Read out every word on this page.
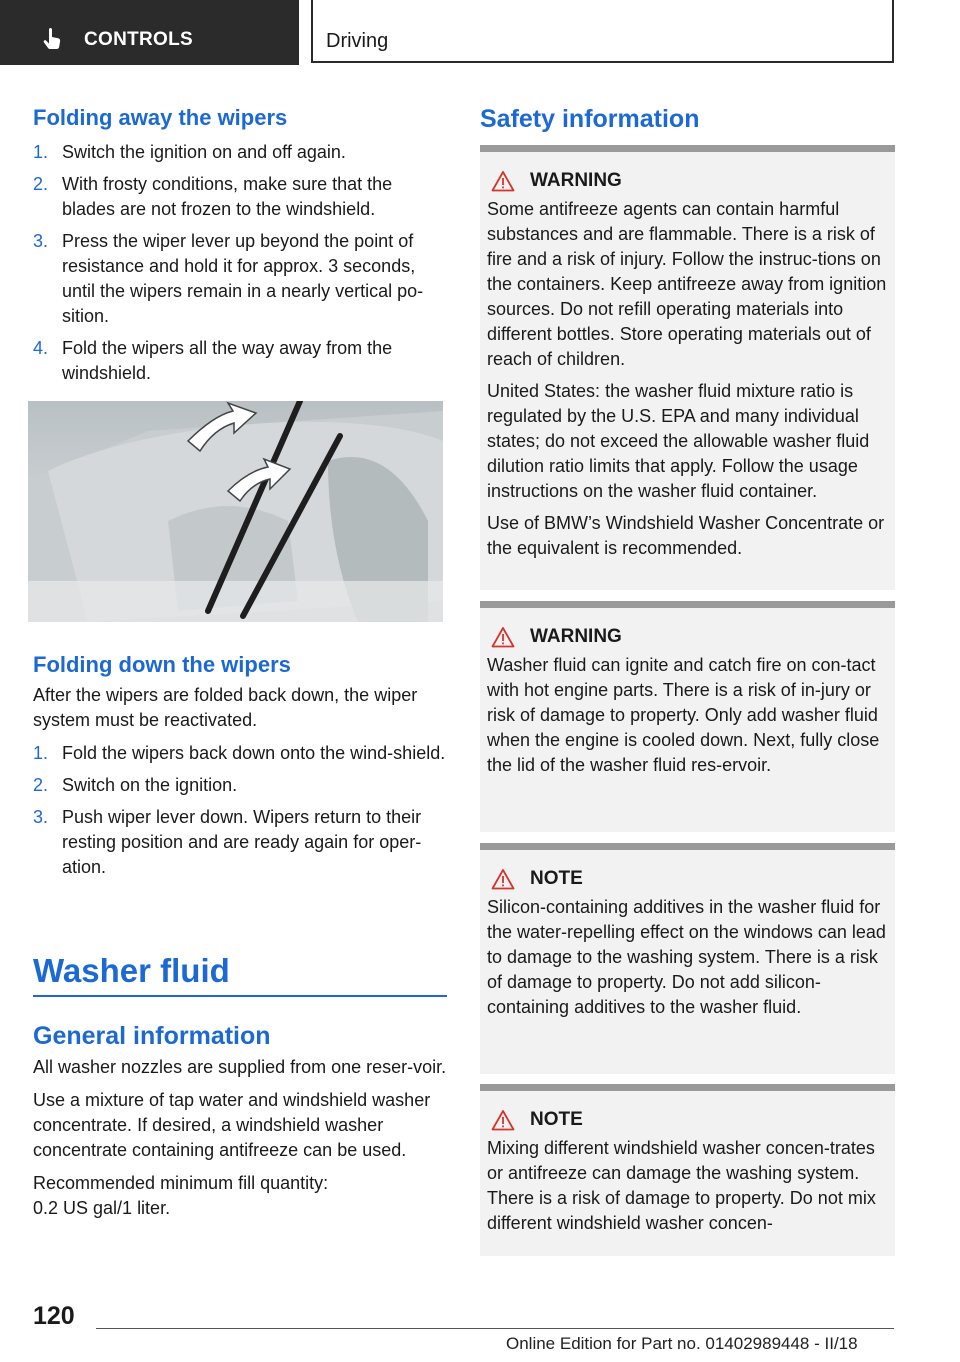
CONTROLS	Driving
Folding away the wipers
1. Switch the ignition on and off again.
2. With frosty conditions, make sure that the blades are not frozen to the windshield.
3. Press the wiper lever up beyond the point of resistance and hold it for approx. 3 seconds, until the wipers remain in a nearly vertical po‐sition.
4. Fold the wipers all the way away from the windshield.
Folding down the wipers

After the wipers are folded back down, the wiper system must be reactivated.

1. Fold the wipers back down onto the wind‐shield.
2. Switch on the ignition.
3. Push wiper lever down. Wipers return to their resting position and are ready again for oper‐ation.
Washer fluid
General information

All washer nozzles are supplied from one reser‐voir.

Use a mixture of tap water and windshield washer concentrate. If desired, a windshield washer concentrate containing antifreeze can be used.

Recommended minimum fill quantity:

0.2 US gal/1 liter.

Safety information
WARNING

Some antifreeze agents can contain harmful substances and are flammable. There is a risk of fire and a risk of injury. Follow the instruc‐tions on the containers. Keep antifreeze away from ignition sources. Do not refill operating materials into different bottles. Store operating materials out of reach of children.

United States: the washer fluid mixture ratio is regulated by the U.S. EPA and many individual states; do not exceed the allowable washer fluid dilution ratio limits that apply. Follow the usage instructions on the washer fluid container.

Use of BMW’s Windshield Washer Concentrate or the equivalent is recommended.

WARNING

Washer fluid can ignite and catch fire on con‐tact with hot engine parts. There is a risk of in‐jury or risk of damage to property. Only add washer fluid when the engine is cooled down. Next, fully close the lid of the washer fluid res‐ervoir.

NOTE

Silicon-containing additives in the washer fluid for the water-repelling effect on the windows can lead to damage to the washing system. There is a risk of damage to property. Do not add silicon-containing additives to the washer fluid.

NOTE

Mixing different windshield washer concen‐trates or antifreeze can damage the washing system. There is a risk of damage to property. Do not mix different windshield washer concen‐

120
Online Edition for Part no. 01402989448 - II/18
